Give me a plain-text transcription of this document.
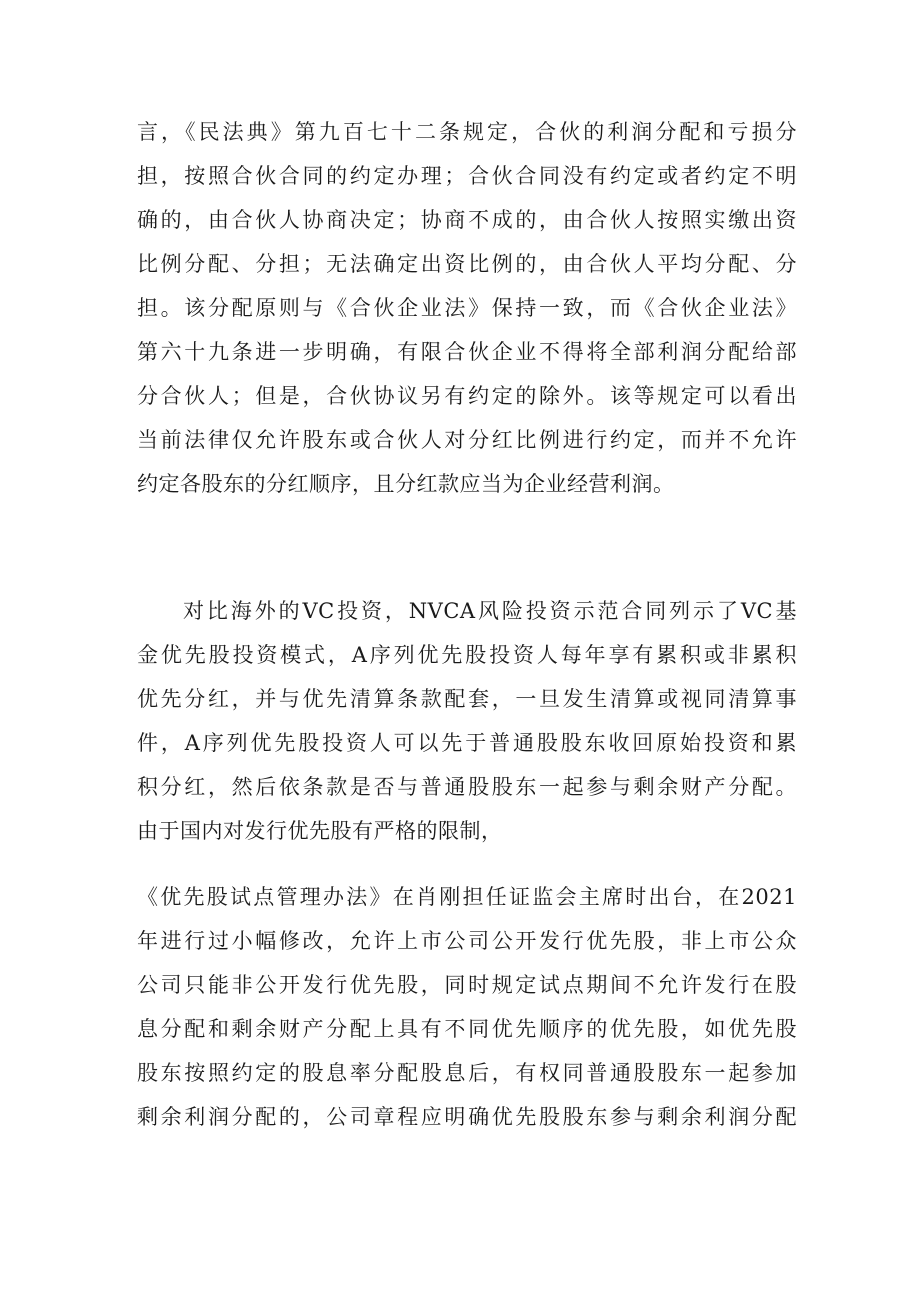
言，《民法典》第九百七十二条规定，合伙的利润分配和亏损分
担，按照合伙合同的约定办理；合伙合同没有约定或者约定不明
确的，由合伙人协商决定；协商不成的，由合伙人按照实缴出资
比例分配、分担；无法确定出资比例的，由合伙人平均分配、分
担。该分配原则与《合伙企业法》保持一致，而《合伙企业法》
第六十九条进一步明确，有限合伙企业不得将全部利润分配给部
分合伙人；但是，合伙协议另有约定的除外。该等规定可以看出
当前法律仅允许股东或合伙人对分红比例进行约定，而并不允许
约定各股东的分红顺序，且分红款应当为企业经营利润。
对比海外的VC投资，NVCA风险投资示范合同列示了VC基
金优先股投资模式，A序列优先股投资人每年享有累积或非累积
优先分红，并与优先清算条款配套，一旦发生清算或视同清算事
件，A序列优先股投资人可以先于普通股股东收回原始投资和累
积分红，然后依条款是否与普通股股东一起参与剩余财产分配。
由于国内对发行优先股有严格的限制，
《优先股试点管理办法》在肖刚担任证监会主席时出台，在2021
年进行过小幅修改，允许上市公司公开发行优先股，非上市公众
公司只能非公开发行优先股，同时规定试点期间不允许发行在股
息分配和剩余财产分配上具有不同优先顺序的优先股，如优先股
股东按照约定的股息率分配股息后，有权同普通股股东一起参加
剩余利润分配的，公司章程应明确优先股股东参与剩余利润分配
